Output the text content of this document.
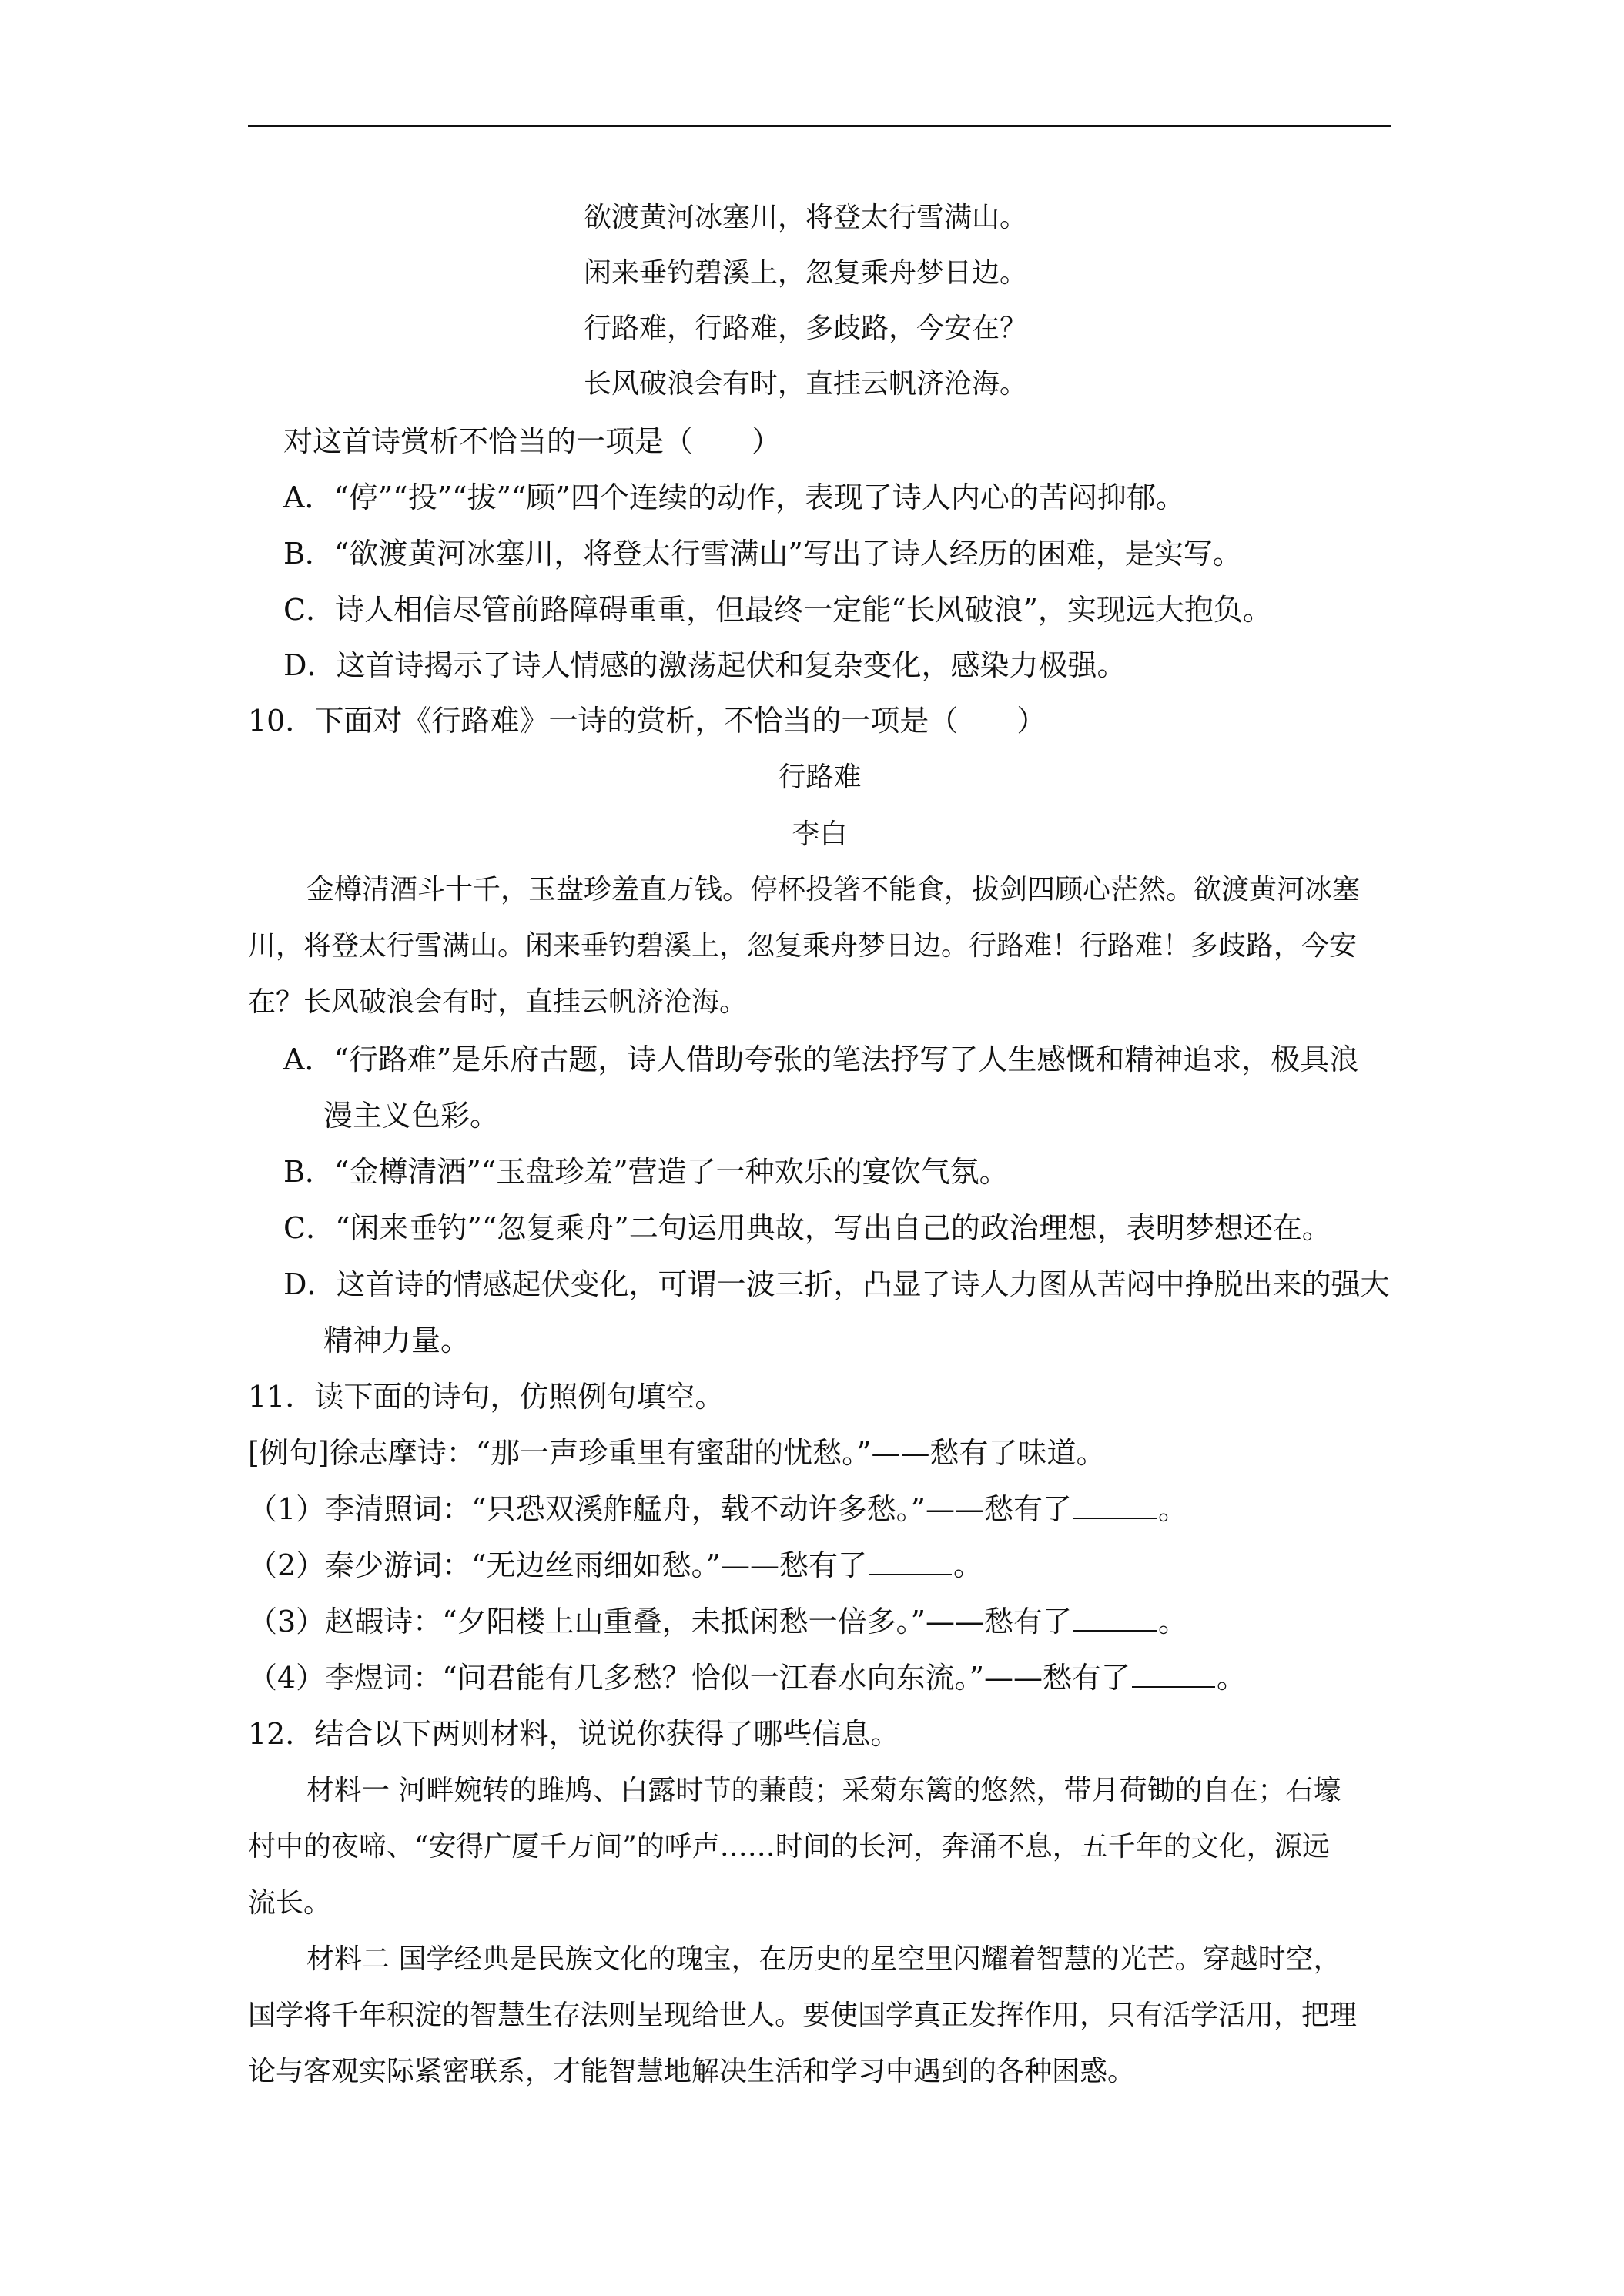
欲渡黄河冰塞川，将登太行雪满山。
闲来垂钓碧溪上，忽复乘舟梦日边。
行路难，行路难，多歧路，今安在？
长风破浪会有时，直挂云帆济沧海。
对这首诗赏析不恰当的一项是（　　）
A．“停”“投”“拔”“顾”四个连续的动作，表现了诗人内心的苦闷抑郁。
B．“欲渡黄河冰塞川，将登太行雪满山”写出了诗人经历的困难，是实写。
C．诗人相信尽管前路障碍重重，但最终一定能“长风破浪”，实现远大抱负。
D．这首诗揭示了诗人情感的激荡起伏和复杂变化，感染力极强。
10．下面对《行路难》一诗的赏析，不恰当的一项是（　　）
行路难
李白
金樽清酒斗十千，玉盘珍羞直万钱。停杯投箸不能食，拔剑四顾心茫然。欲渡黄河冰塞
川，将登太行雪满山。闲来垂钓碧溪上，忽复乘舟梦日边。行路难！行路难！多歧路，今安
在？长风破浪会有时，直挂云帆济沧海。
A．“行路难”是乐府古题，诗人借助夸张的笔法抒写了人生感慨和精神追求，极具浪
漫主义色彩。
B．“金樽清酒”“玉盘珍羞”营造了一种欢乐的宴饮气氛。
C．“闲来垂钓”“忽复乘舟”二句运用典故，写出自己的政治理想，表明梦想还在。
D．这首诗的情感起伏变化，可谓一波三折，凸显了诗人力图从苦闷中挣脱出来的强大
精神力量。
11．读下面的诗句，仿照例句填空。
[例句]徐志摩诗：“那一声珍重里有蜜甜的忧愁。”——愁有了味道。
（1）李清照词：“只恐双溪舴艋舟，载不动许多愁。”——愁有了	。
（2）秦少游词：“无边丝雨细如愁。”——愁有了	。
（3）赵嘏诗：“夕阳楼上山重叠，未抵闲愁一倍多。”——愁有了	。
（4）李煜词：“问君能有几多愁？恰似一江春水向东流。”——愁有了	。
12．结合以下两则材料，说说你获得了哪些信息。
材料一 河畔婉转的雎鸠、白露时节的蒹葭；采菊东篱的悠然，带月荷锄的自在；石壕
村中的夜啼、“安得广厦千万间”的呼声……时间的长河，奔涌不息，五千年的文化，源远
流长。
材料二 国学经典是民族文化的瑰宝，在历史的星空里闪耀着智慧的光芒。穿越时空，
国学将千年积淀的智慧生存法则呈现给世人。要使国学真正发挥作用，只有活学活用，把理
论与客观实际紧密联系，才能智慧地解决生活和学习中遇到的各种困惑。
